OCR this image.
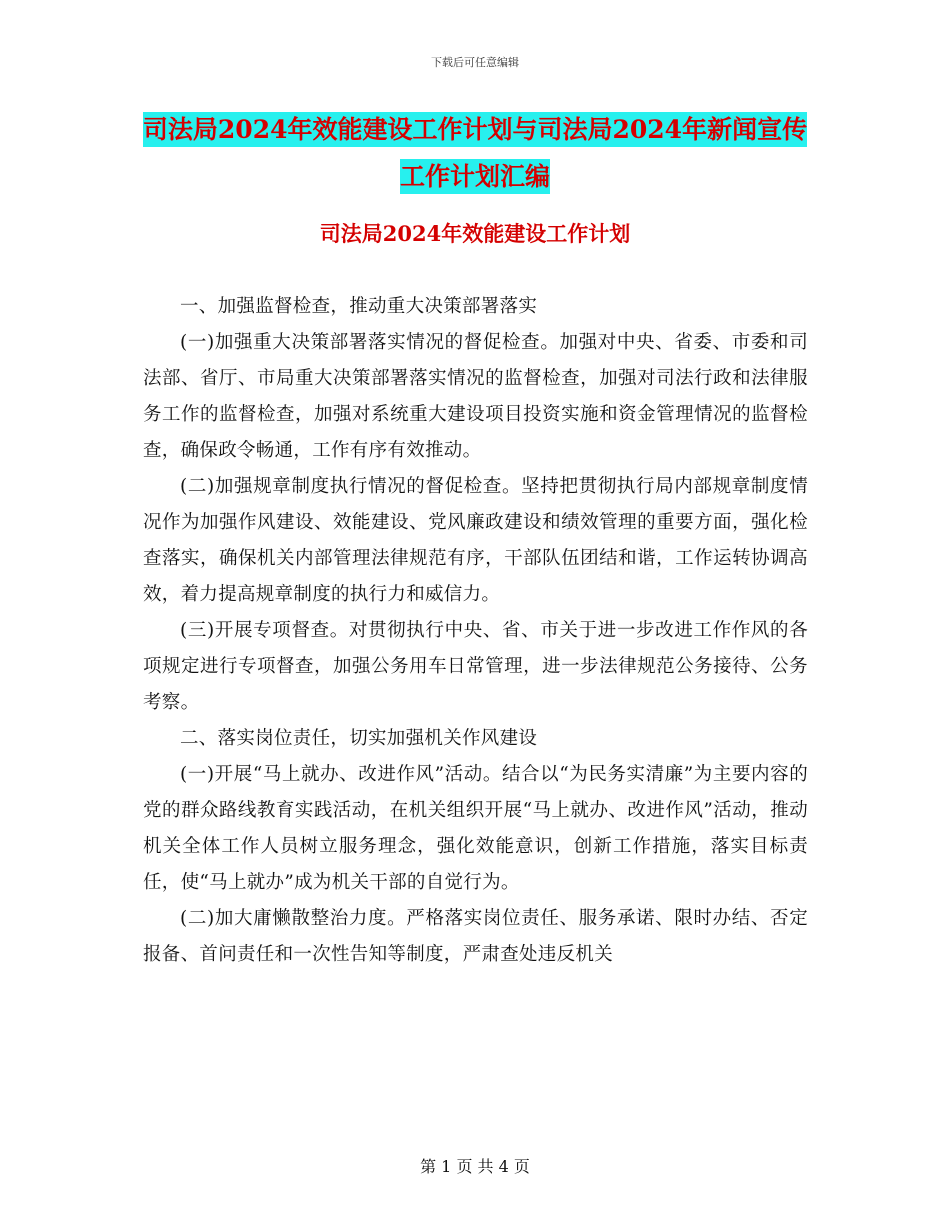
下载后可任意编辑
司法局2024年效能建设工作计划与司法局2024年新闻宣传工作计划汇编
司法局2024年效能建设工作计划

一、加强监督检查，推动重大决策部署落实

(一)加强重大决策部署落实情况的督促检查。加强对中央、省委、市委和司法部、省厅、市局重大决策部署落实情况的监督检查，加强对司法行政和法律服务工作的监督检查，加强对系统重大建设项目投资实施和资金管理情况的监督检查，确保政令畅通，工作有序有效推动。

(二)加强规章制度执行情况的督促检查。坚持把贯彻执行局内部规章制度情况作为加强作风建设、效能建设、党风廉政建设和绩效管理的重要方面，强化检查落实，确保机关内部管理法律规范有序，干部队伍团结和谐，工作运转协调高效，着力提高规章制度的执行力和威信力。

(三)开展专项督查。对贯彻执行中央、省、市关于进一步改进工作作风的各项规定进行专项督查，加强公务用车日常管理，进一步法律规范公务接待、公务考察。

二、落实岗位责任，切实加强机关作风建设

(一)开展“马上就办、改进作风”活动。结合以“为民务实清廉”为主要内容的党的群众路线教育实践活动，在机关组织开展“马上就办、改进作风”活动，推动机关全体工作人员树立服务理念，强化效能意识，创新工作措施，落实目标责任，使“马上就办”成为机关干部的自觉行为。

(二)加大庸懒散整治力度。严格落实岗位责任、服务承诺、限时办结、否定报备、首问责任和一次性告知等制度，严肃查处违反机关

第 1 页 共 4 页
